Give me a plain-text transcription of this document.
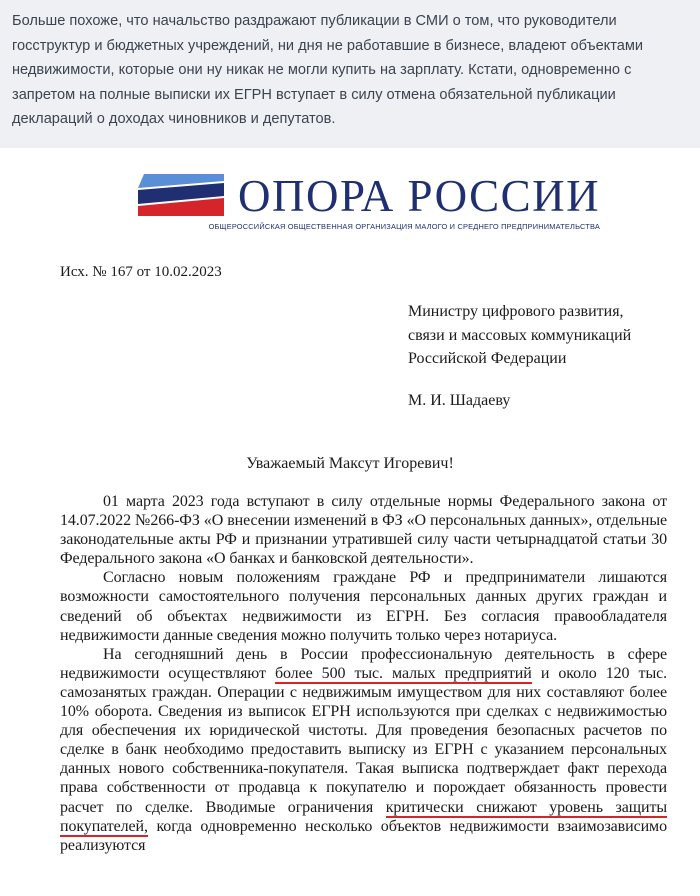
Больше похоже, что начальство раздражают публикации в СМИ о том, что руководители госструктур и бюджетных учреждений, ни дня не работавшие в бизнесе, владеют объектами недвижимости, которые они ну никак не могли купить на зарплату. Кстати, одновременно с запретом на полные выписки их ЕГРН вступает в силу отмена обязательной публикации деклараций о доходах чиновников и депутатов.

ОПОРА РОССИИ
ОБЩЕРОССИЙСКАЯ ОБЩЕСТВЕННАЯ ОРГАНИЗАЦИЯ МАЛОГО И СРЕДНЕГО ПРЕДПРИНИМАТЕЛЬСТВА
Исх. № 167 от 10.02.2023
Министру цифрового развития,
связи и массовых коммуникаций
Российской Федерации
М. И. Шадаеву
Уважаемый Максут Игоревич!

01 марта 2023 года вступают в силу отдельные нормы Федерального закона от 14.07.2022 №266-ФЗ «О внесении изменений в ФЗ «О персональных данных», отдельные законодательные акты РФ и признании утратившей силу части четырнадцатой статьи 30 Федерального закона «О банках и банковской деятельности».

Согласно новым положениям граждане РФ и предприниматели лишаются возможности самостоятельного получения персональных данных других граждан и сведений об объектах недвижимости из ЕГРН. Без согласия правообладателя недвижимости данные сведения можно получить только через нотариуса.

На сегодняшний день в России профессиональную деятельность в сфере недвижимости осуществляют более 500 тыс. малых предприятий и около 120 тыс. самозанятых граждан. Операции с недвижимым имуществом для них составляют более 10% оборота. Сведения из выписок ЕГРН используются при сделках с недвижимостью для обеспечения их юридической чистоты. Для проведения безопасных расчетов по сделке в банк необходимо предоставить выписку из ЕГРН с указанием персональных данных нового собственника-покупателя. Такая выписка подтверждает факт перехода права собственности от продавца к покупателю и порождает обязанность провести расчет по сделке. Вводимые ограничения критически снижают уровень защиты покупателей, когда одновременно несколько объектов недвижимости взаимозависимо реализуются
